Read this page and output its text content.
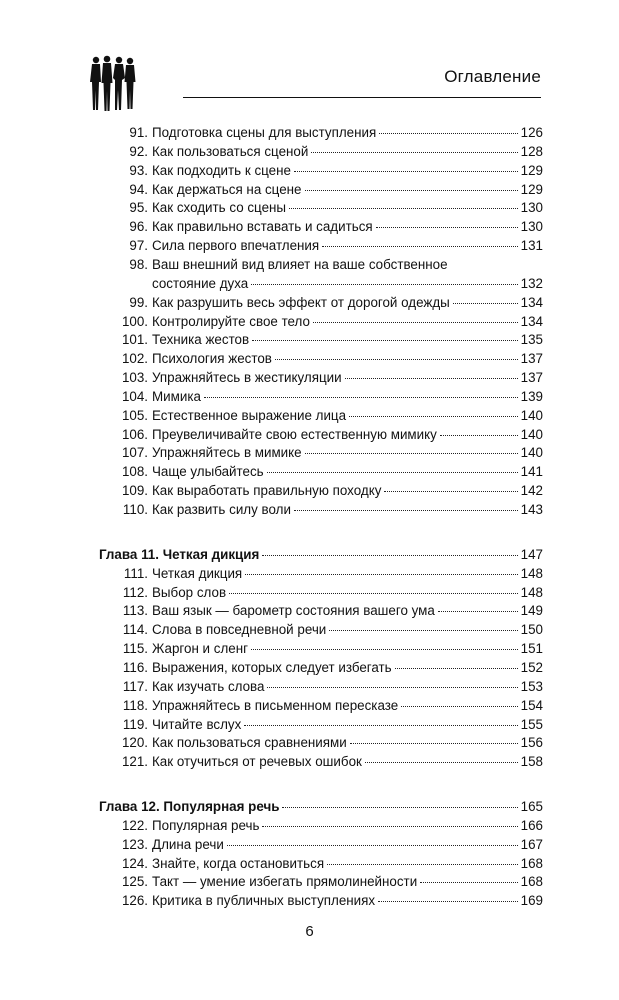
Оглавление
91. Подготовка сцены для выступления	126
92. Как пользоваться сценой	128
93. Как подходить к сцене	129
94. Как держаться на сцене	129
95. Как сходить со сцены	130
96. Как правильно вставать и садиться	130
97. Сила первого впечатления	131
98. Ваш внешний вид влияет на ваше собственное
состояние духа	132
99. Как разрушить весь эффект от дорогой одежды	134
100. Контролируйте свое тело	134
101. Техника жестов	135
102. Психология жестов	137
103. Упражняйтесь в жестикуляции	137
104. Мимика	139
105. Естественное выражение лица	140
106. Преувеличивайте свою естественную мимику	140
107. Упражняйтесь в мимике	140
108. Чаще улыбайтесь	141
109. Как выработать правильную походку	142
110. Как развить силу воли	143
Глава 11. Четкая дикция	147
111. Четкая дикция	148
112. Выбор слов	148
113. Ваш язык — барометр состояния вашего ума	149
114. Слова в повседневной речи	150
115. Жаргон и сленг	151
116. Выражения, которых следует избегать	152
117. Как изучать слова	153
118. Упражняйтесь в письменном пересказе	154
119. Читайте вслух	155
120. Как пользоваться сравнениями	156
121. Как отучиться от речевых ошибок	158
Глава 12. Популярная речь	165
122. Популярная речь	166
123. Длина речи	167
124. Знайте, когда остановиться	168
125. Такт — умение избегать прямолинейности	168
126. Критика в публичных выступлениях	169
6
